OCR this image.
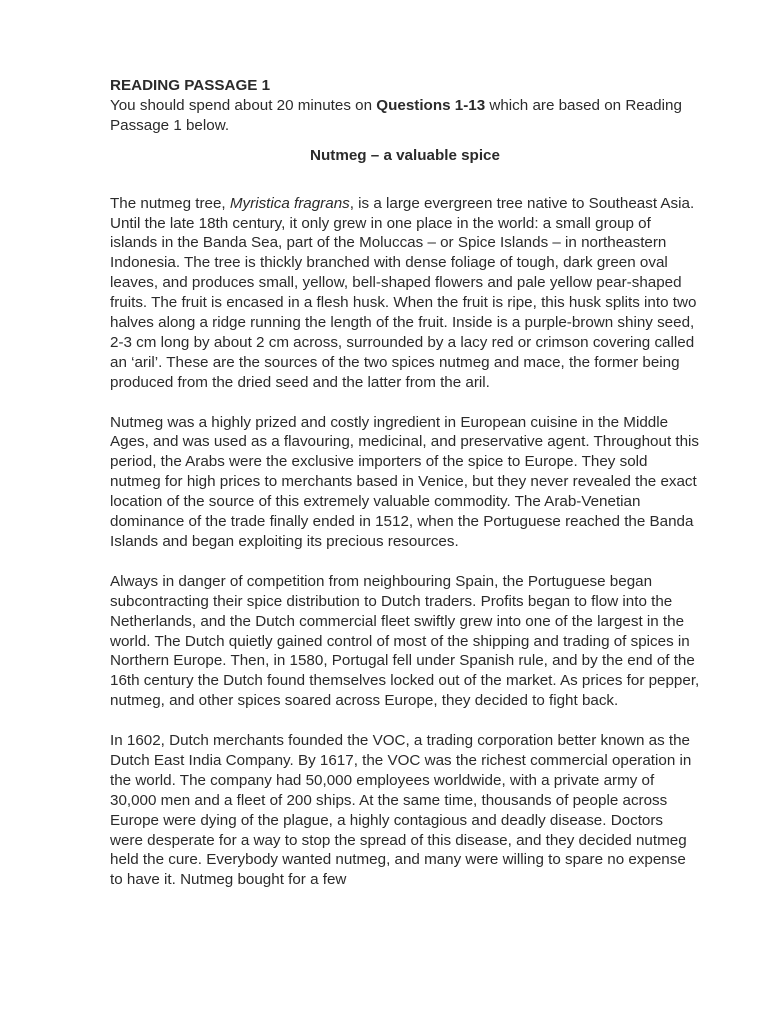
READING PASSAGE 1

You should spend about 20 minutes on Questions 1-13 which are based on Reading Passage 1 below.

Nutmeg – a valuable spice

The nutmeg tree, Myristica fragrans, is a large evergreen tree native to Southeast Asia. Until the late 18th century, it only grew in one place in the world: a small group of islands in the Banda Sea, part of the Moluccas – or Spice Islands – in northeastern Indonesia. The tree is thickly branched with dense foliage of tough, dark green oval leaves, and produces small, yellow, bell-shaped flowers and pale yellow pear-shaped fruits. The fruit is encased in a flesh husk. When the fruit is ripe, this husk splits into two halves along a ridge running the length of the fruit. Inside is a purple-brown shiny seed, 2-3 cm long by about 2 cm across, surrounded by a lacy red or crimson covering called an ‘aril’. These are the sources of the two spices nutmeg and mace, the former being produced from the dried seed and the latter from the aril.

Nutmeg was a highly prized and costly ingredient in European cuisine in the Middle Ages, and was used as a flavouring, medicinal, and preservative agent. Throughout this period, the Arabs were the exclusive importers of the spice to Europe. They sold nutmeg for high prices to merchants based in Venice, but they never revealed the exact location of the source of this extremely valuable commodity. The Arab-Venetian dominance of the trade finally ended in 1512, when the Portuguese reached the Banda Islands and began exploiting its precious resources.

Always in danger of competition from neighbouring Spain, the Portuguese began subcontracting their spice distribution to Dutch traders. Profits began to flow into the Netherlands, and the Dutch commercial fleet swiftly grew into one of the largest in the world. The Dutch quietly gained control of most of the shipping and trading of spices in Northern Europe. Then, in 1580, Portugal fell under Spanish rule, and by the end of the 16th century the Dutch found themselves locked out of the market. As prices for pepper, nutmeg, and other spices soared across Europe, they decided to fight back.

In 1602, Dutch merchants founded the VOC, a trading corporation better known as the Dutch East India Company. By 1617, the VOC was the richest commercial operation in the world. The company had 50,000 employees worldwide, with a private army of 30,000 men and a fleet of 200 ships. At the same time, thousands of people across Europe were dying of the plague, a highly contagious and deadly disease. Doctors were desperate for a way to stop the spread of this disease, and they decided nutmeg held the cure. Everybody wanted nutmeg, and many were willing to spare no expense to have it. Nutmeg bought for a few
